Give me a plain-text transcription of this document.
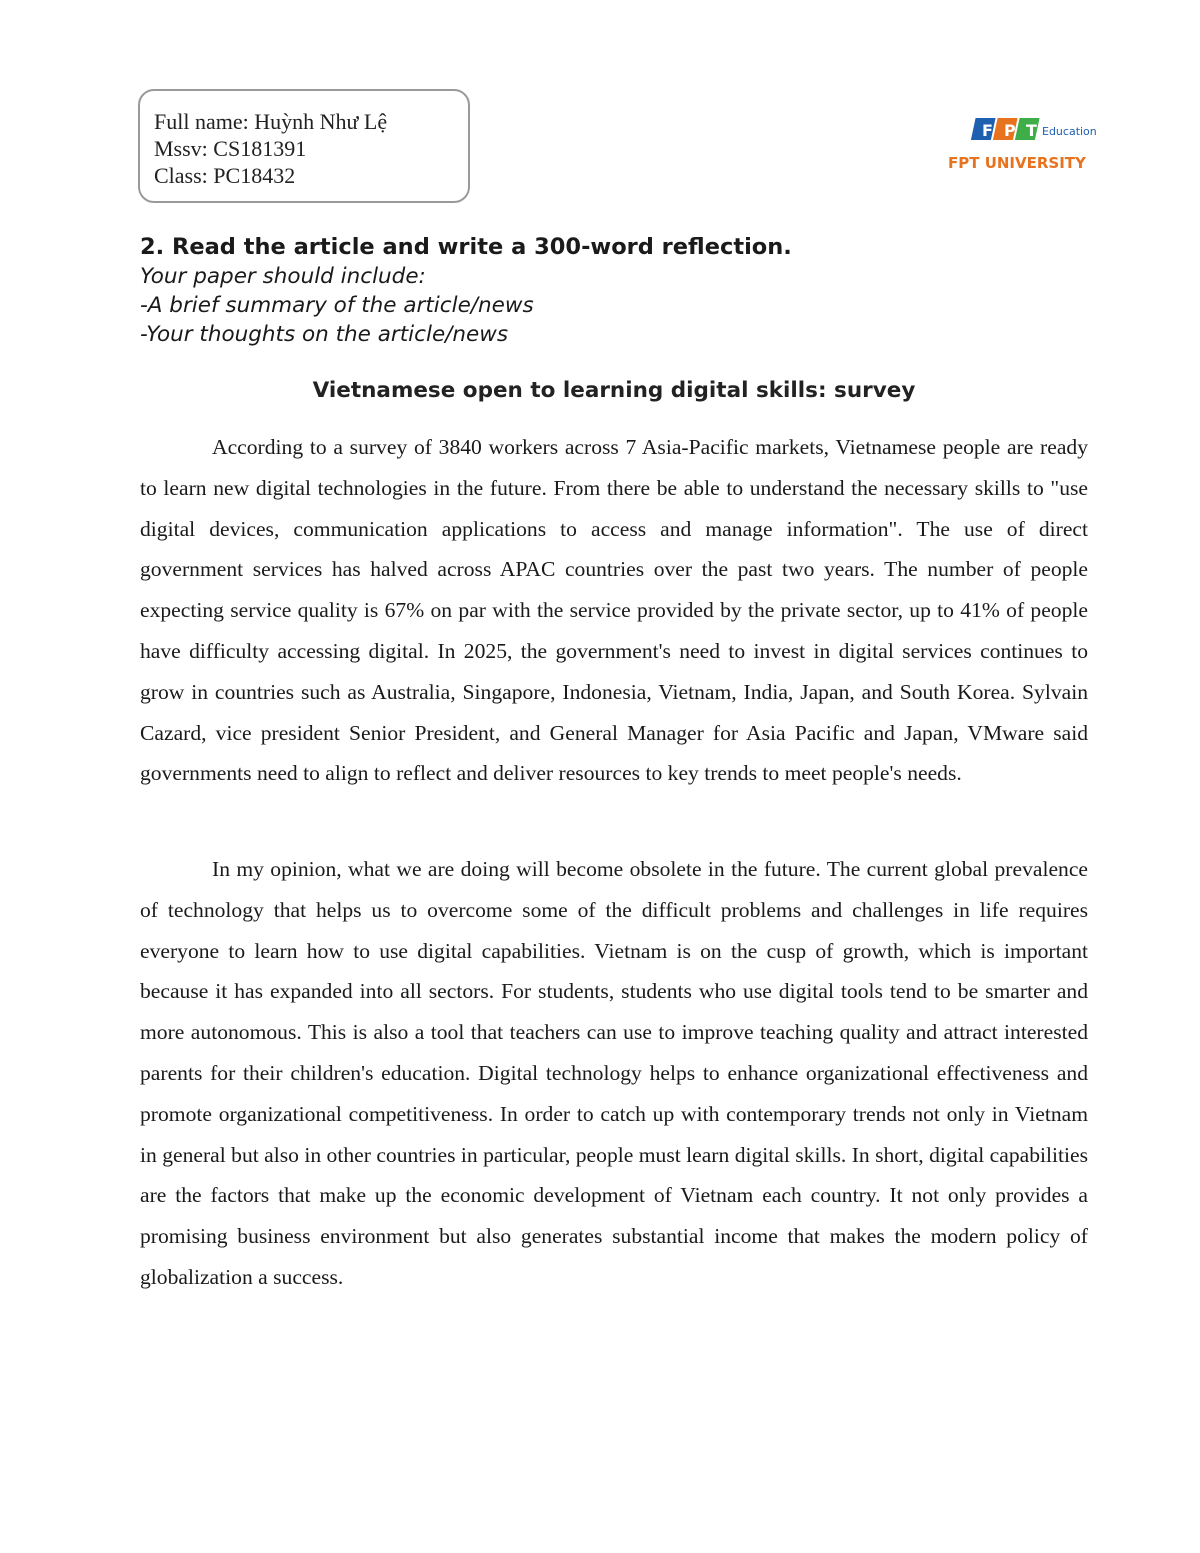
Full name: Huỳnh Như Lệ
Mssv: CS181391
Class: PC18432
F P T Education
FPT UNIVERSITY
2. Read the article and write a 300-word reflection.
Your paper should include:
-A brief summary of the article/news
-Your thoughts on the article/news
Vietnamese open to learning digital skills: survey

According to a survey of 3840 workers across 7 Asia-Pacific markets, Vietnamese people are ready to learn new digital technologies in the future. From there be able to understand the necessary skills to "use digital devices, communication applications to access and manage information". The use of direct government services has halved across APAC countries over the past two years. The number of people expecting service quality is 67% on par with the service provided by the private sector, up to 41% of people have difficulty accessing digital. In 2025, the government's need to invest in digital services continues to grow in countries such as Australia, Singapore, Indonesia, Vietnam, India, Japan, and South Korea. Sylvain Cazard, vice president Senior President, and General Manager for Asia Pacific and Japan, VMware said governments need to align to reflect and deliver resources to key trends to meet people's needs.

In my opinion, what we are doing will become obsolete in the future. The current global prevalence of technology that helps us to overcome some of the difficult problems and challenges in life requires everyone to learn how to use digital capabilities. Vietnam is on the cusp of growth, which is important because it has expanded into all sectors. For students, students who use digital tools tend to be smarter and more autonomous. This is also a tool that teachers can use to improve teaching quality and attract interested parents for their children's education. Digital technology helps to enhance organizational effectiveness and promote organizational competitiveness. In order to catch up with contemporary trends not only in Vietnam in general but also in other countries in particular, people must learn digital skills. In short, digital capabilities are the factors that make up the economic development of Vietnam each country. It not only provides a promising business environment but also generates substantial income that makes the modern policy of globalization a success.
